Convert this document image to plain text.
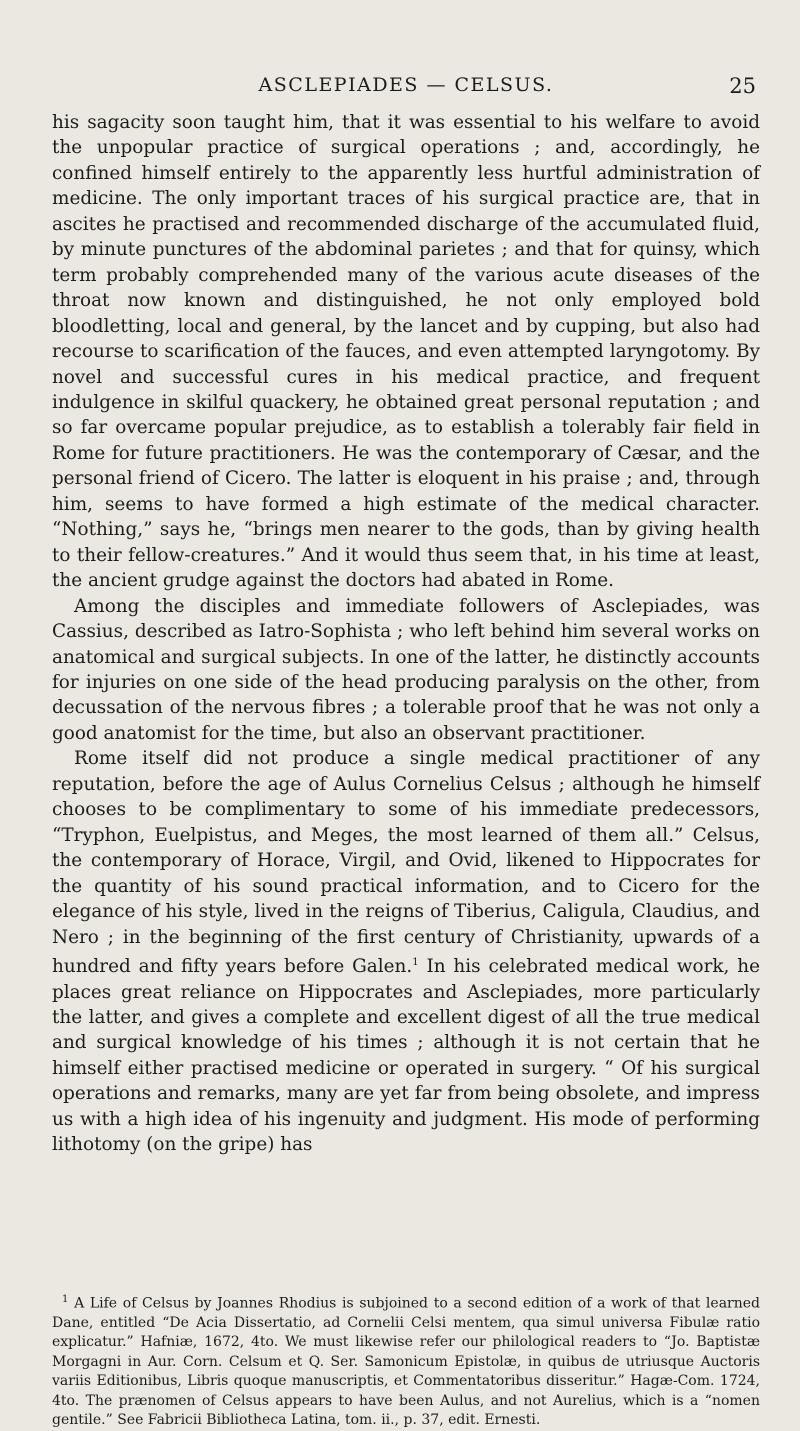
ASCLEPIADES — CELSUS.	25

his sagacity soon taught him, that it was essential to his welfare to avoid the unpopular practice of surgical operations ; and, accordingly, he confined himself entirely to the apparently less hurtful administration of medicine. The only important traces of his surgical practice are, that in ascites he practised and recommended discharge of the accumulated fluid, by minute punctures of the abdominal parietes ; and that for quinsy, which term probably comprehended many of the various acute diseases of the throat now known and distinguished, he not only employed bold bloodletting, local and general, by the lancet and by cupping, but also had recourse to scarification of the fauces, and even attempted laryngotomy. By novel and successful cures in his medical practice, and frequent indulgence in skilful quackery, he obtained great personal reputation ; and so far overcame popular prejudice, as to establish a tolerably fair field in Rome for future practitioners. He was the contemporary of Cæsar, and the personal friend of Cicero. The latter is eloquent in his praise ; and, through him, seems to have formed a high estimate of the medical character. “Nothing,” says he, “brings men nearer to the gods, than by giving health to their fellow-creatures.” And it would thus seem that, in his time at least, the ancient grudge against the doctors had abated in Rome.

Among the disciples and immediate followers of Asclepiades, was Cassius, described as Iatro-Sophista ; who left behind him several works on anatomical and surgical subjects. In one of the latter, he distinctly accounts for injuries on one side of the head producing paralysis on the other, from decussation of the nervous fibres ; a tolerable proof that he was not only a good anatomist for the time, but also an observant practitioner.

Rome itself did not produce a single medical practitioner of any reputation, before the age of Aulus Cornelius Celsus ; although he himself chooses to be complimentary to some of his immediate predecessors, “Tryphon, Euelpistus, and Meges, the most learned of them all.” Celsus, the contemporary of Horace, Virgil, and Ovid, likened to Hippocrates for the quantity of his sound practical information, and to Cicero for the elegance of his style, lived in the reigns of Tiberius, Caligula, Claudius, and Nero ; in the beginning of the first century of Christianity, upwards of a hundred and fifty years before Galen.$^1$ In his celebrated medical work, he places great reliance on Hippocrates and Asclepiades, more particularly the latter, and gives a complete and excellent digest of all the true medical and surgical knowledge of his times ; although it is not certain that he himself either practised medicine or operated in surgery. “ Of his surgical operations and remarks, many are yet far from being obsolete, and impress us with a high idea of his ingenuity and judgment. His mode of performing lithotomy (on the gripe) has

$^1$ A Life of Celsus by Joannes Rhodius is subjoined to a second edition of a work of that learned Dane, entitled “De Acia Dissertatio, ad Cornelii Celsi mentem, qua simul universa Fibulæ ratio explicatur.” Hafniæ, 1672, 4to. We must likewise refer our philological readers to “Jo. Baptistæ Morgagni in Aur. Corn. Celsum et Q. Ser. Samonicum Epistolæ, in quibus de utriusque Auctoris variis Editionibus, Libris quoque manuscriptis, et Commentatoribus disseritur.” Hagæ-Com. 1724, 4to. The prænomen of Celsus appears to have been Aulus, and not Aurelius, which is a “nomen gentile.” See Fabricii Bibliotheca Latina, tom. ii., p. 37, edit. Ernesti.
